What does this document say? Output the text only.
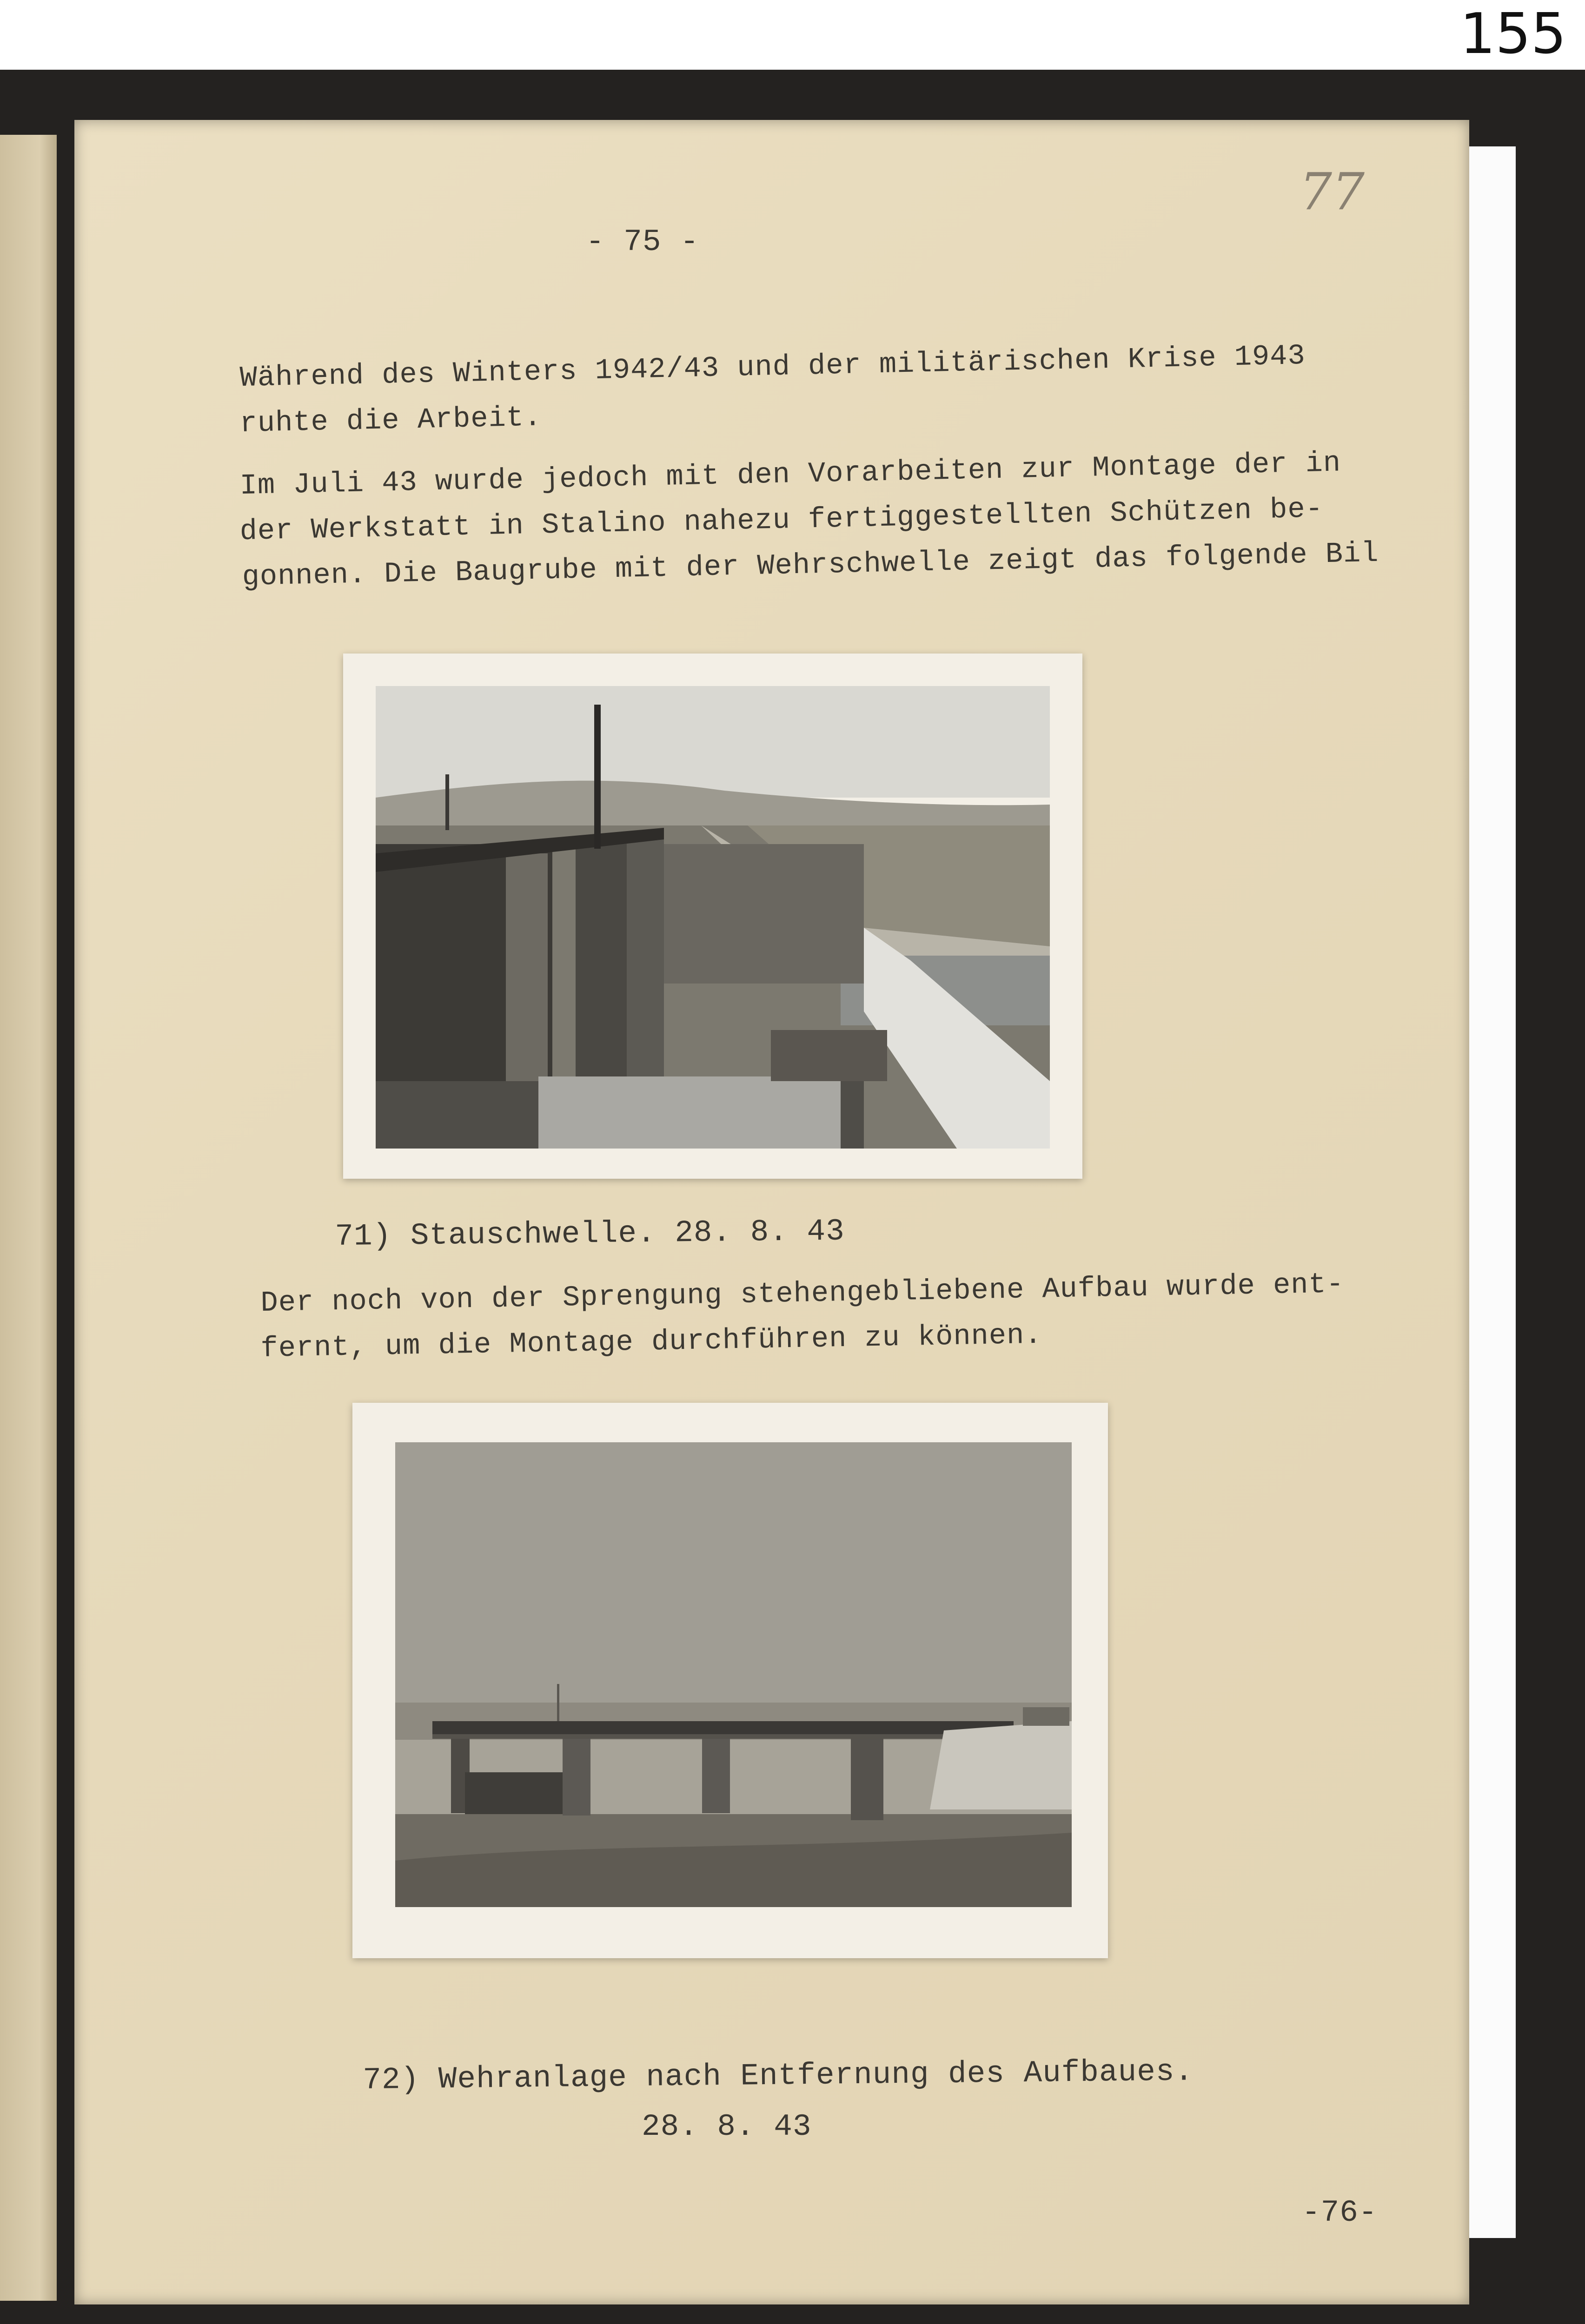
155
77
- 75 -
Während des Winters 1942/43 und der militärischen Krise 1943
ruhte die Arbeit.
Im Juli 43 wurde jedoch mit den Vorarbeiten zur Montage der in
der Werkstatt in Stalino nahezu fertiggestellten Schützen be-
gonnen. Die Baugrube mit der Wehrschwelle zeigt das folgende Bil
71) Stauschwelle. 28. 8. 43
Der noch von der Sprengung stehengebliebene Aufbau wurde ent-
fernt, um die Montage durchführen zu können.
72) Wehranlage nach Entfernung des Aufbaues.
28. 8. 43
-76-
